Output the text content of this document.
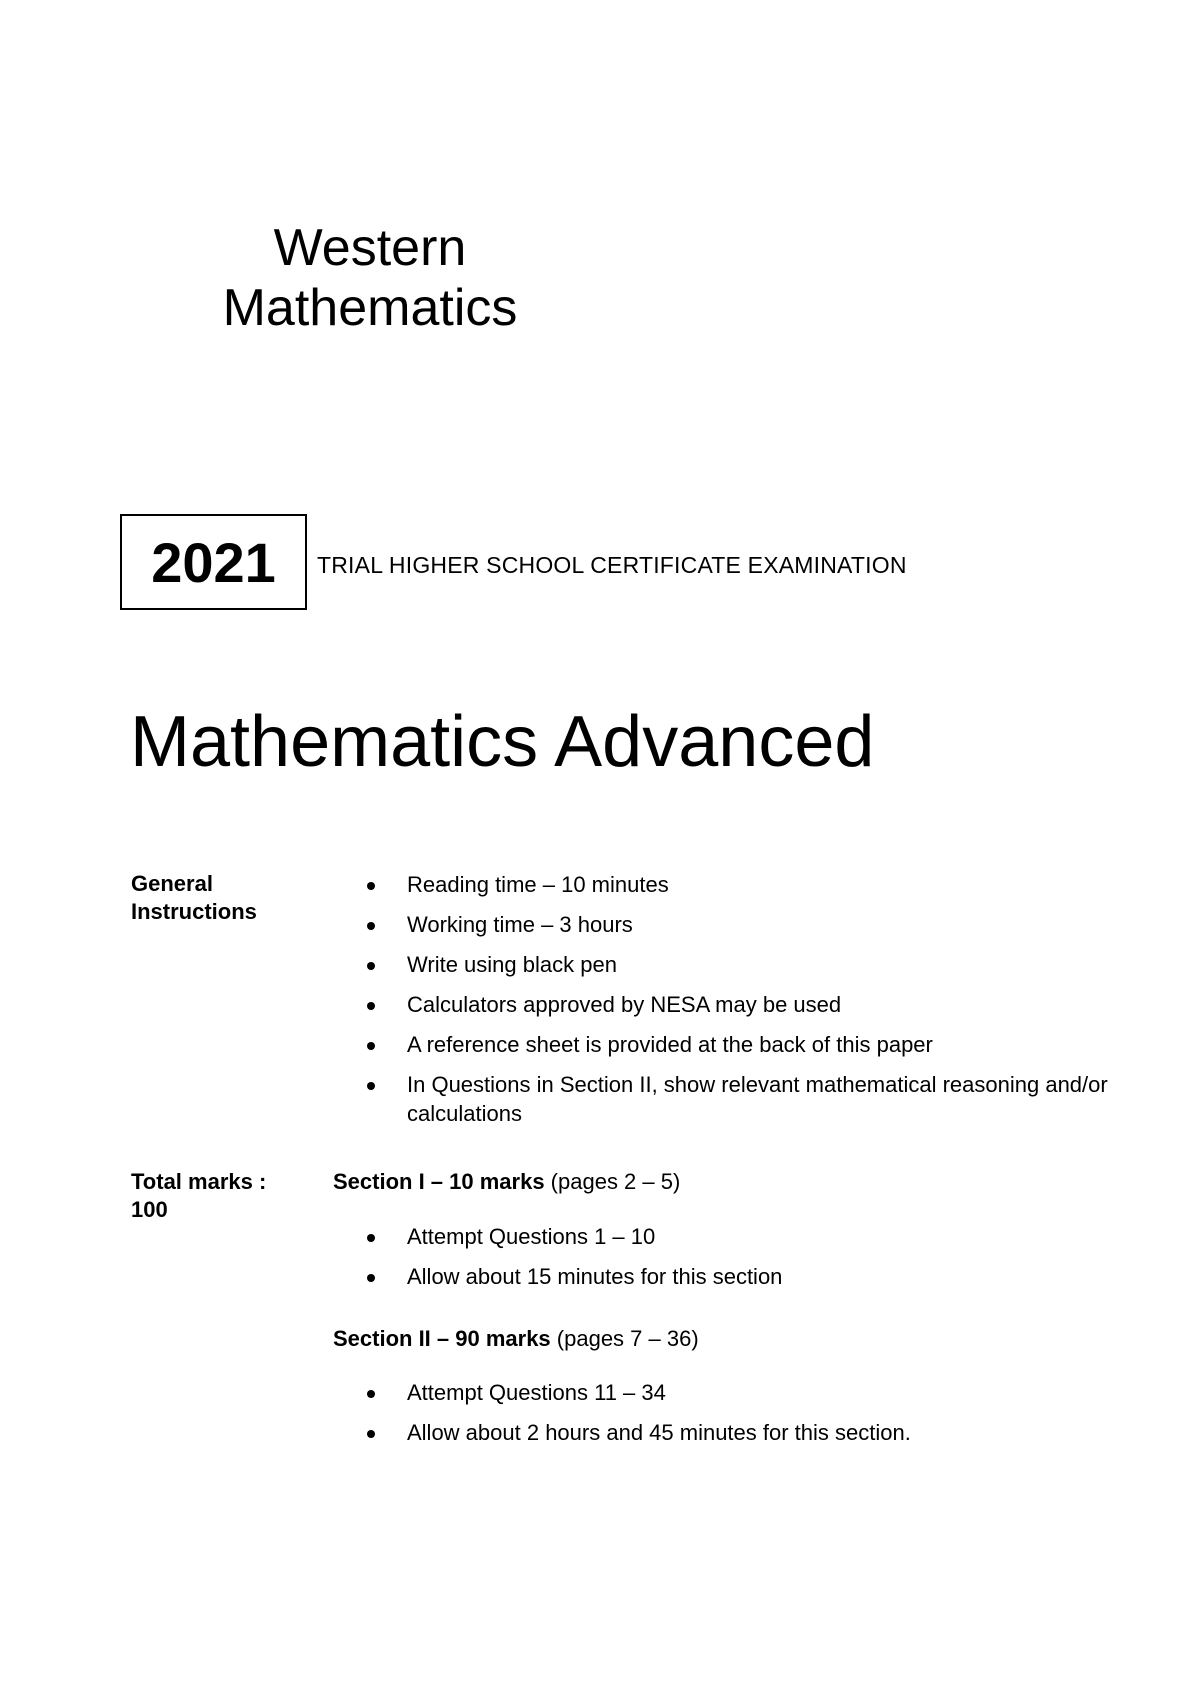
Western
Mathematics
2021 TRIAL HIGHER SCHOOL CERTIFICATE EXAMINATION
Mathematics Advanced
General
Instructions
Reading time – 10 minutes
Working time – 3 hours
Write using black pen
Calculators approved by NESA may be used
A reference sheet is provided at the back of this paper
In Questions in Section II, show relevant mathematical reasoning and/or calculations
Total marks :
100
Section I – 10 marks (pages 2 – 5)
Attempt Questions 1 – 10
Allow about 15 minutes for this section
Section II – 90 marks (pages 7 – 36)
Attempt Questions 11 – 34
Allow about 2 hours and 45 minutes for this section.
